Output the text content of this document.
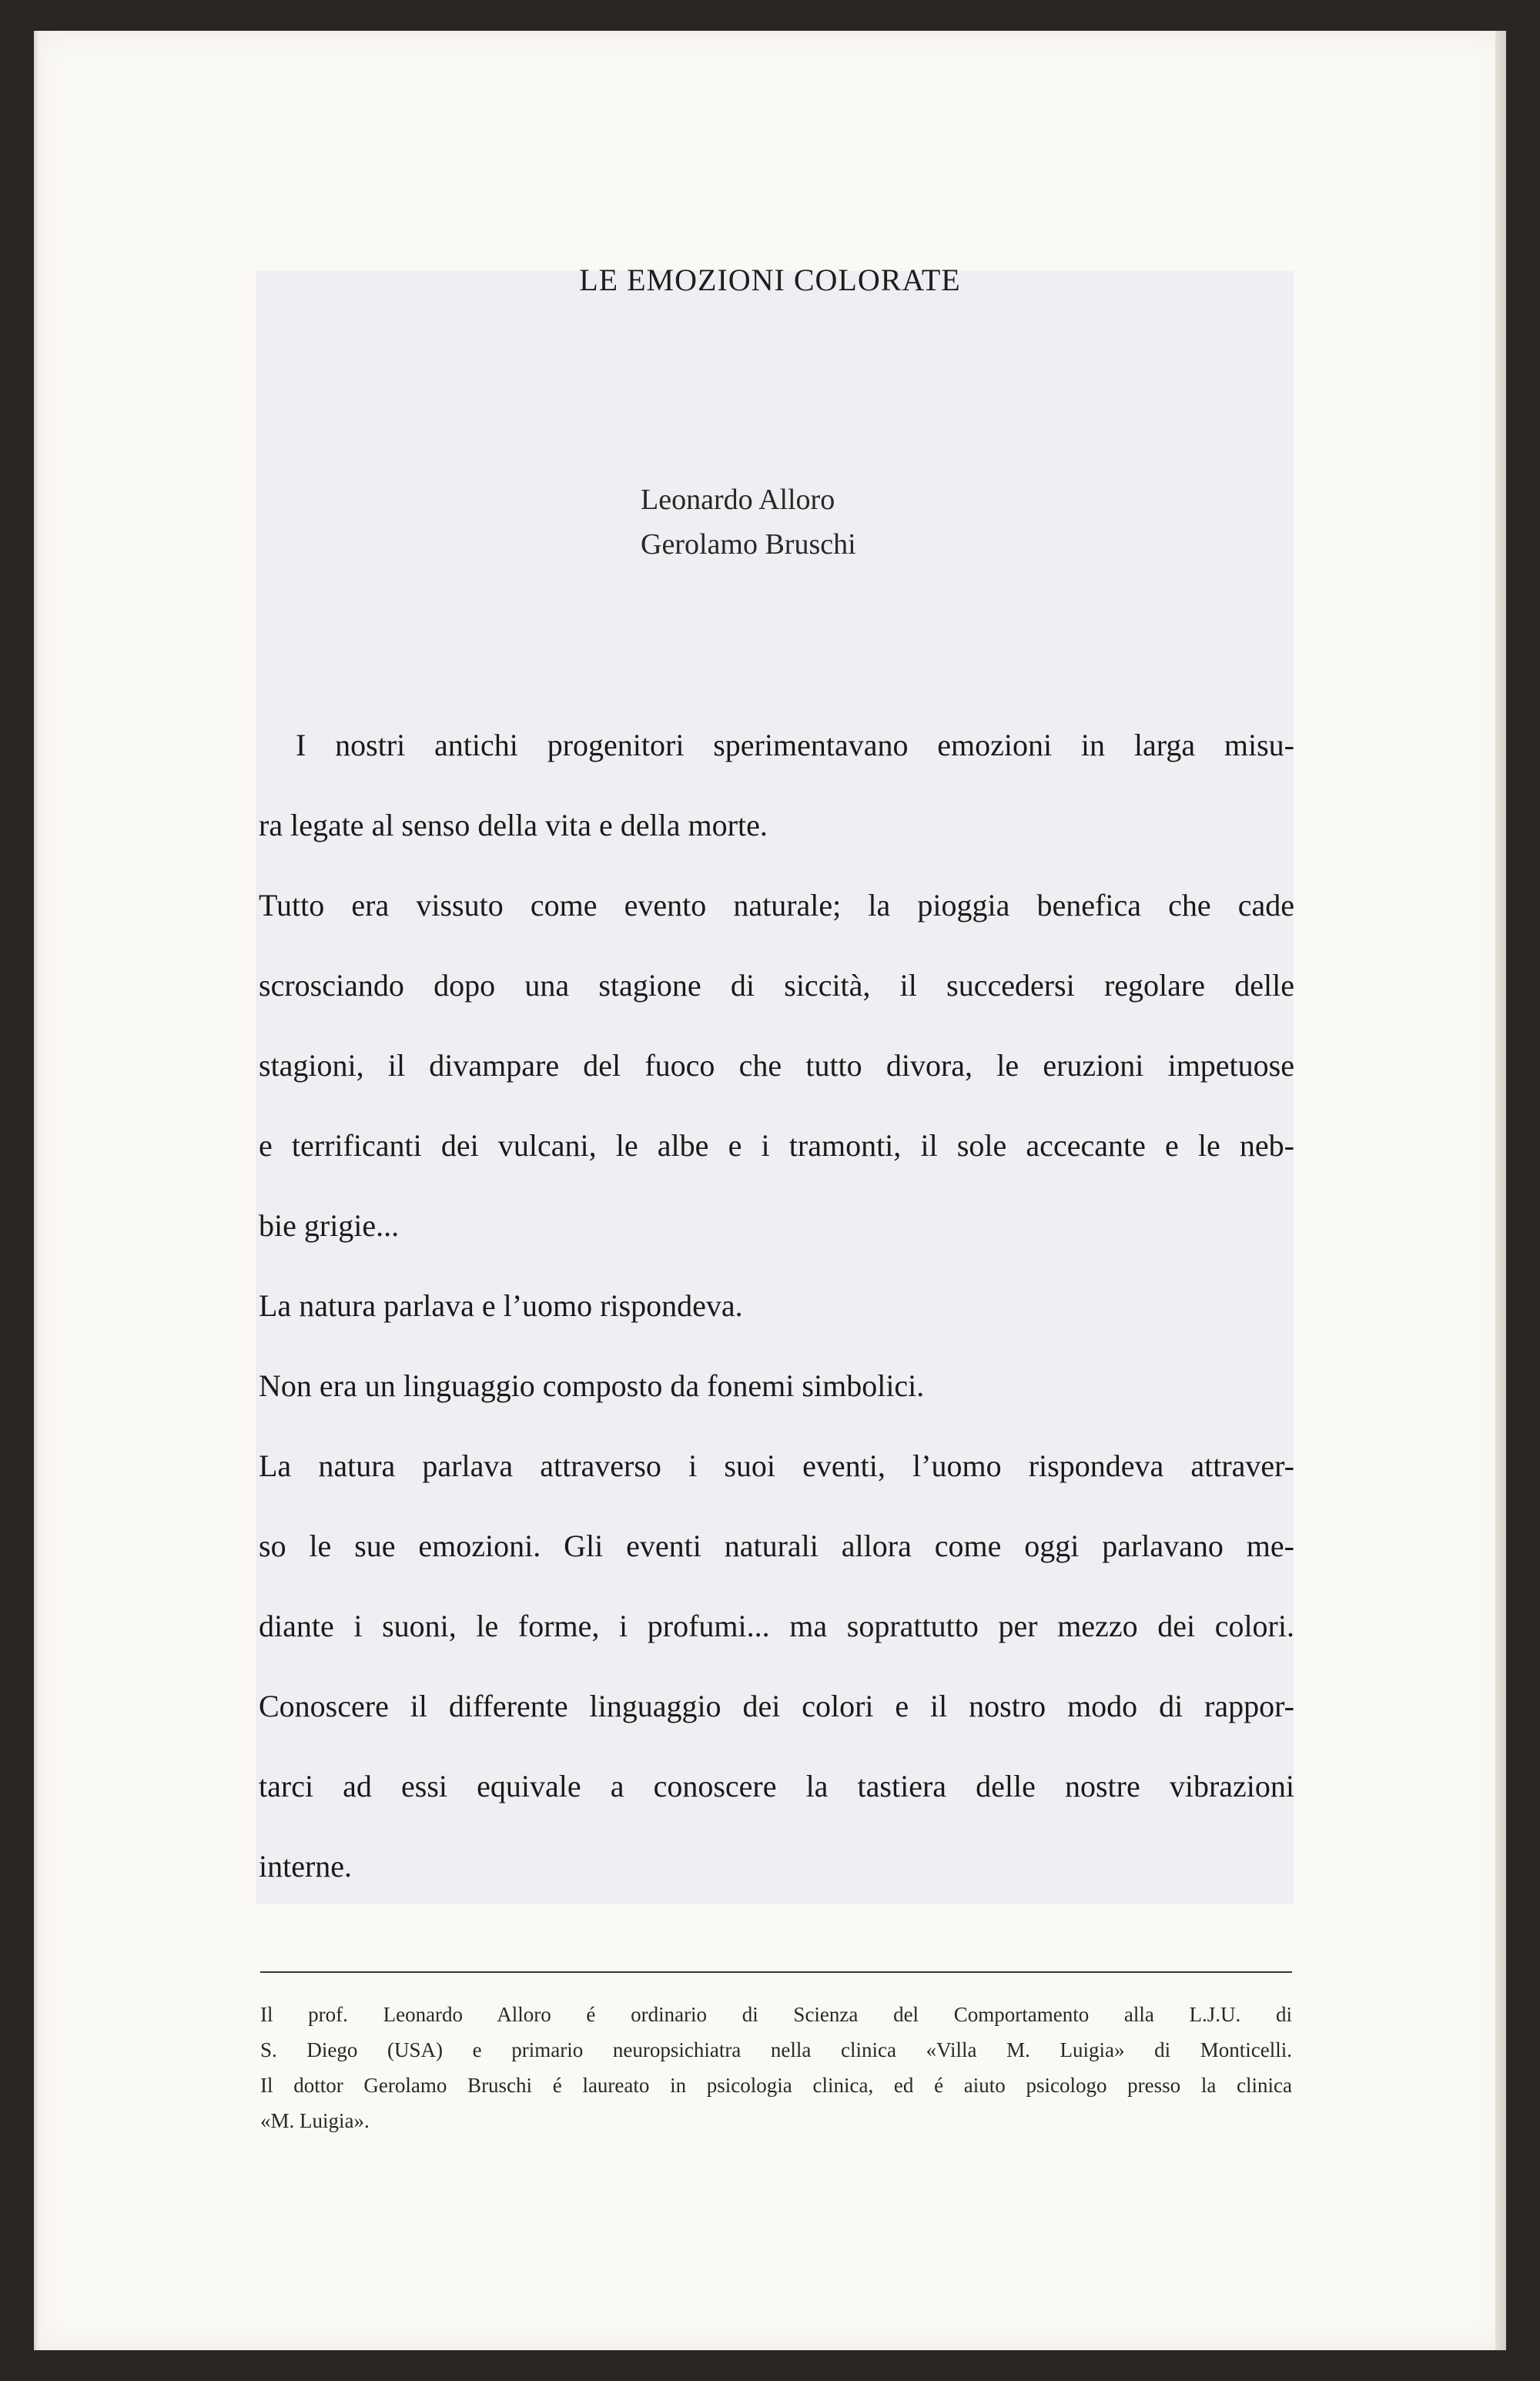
LE EMOZIONI COLORATE
Leonardo Alloro
Gerolamo Bruschi
I nostri antichi progenitori sperimentavano emozioni in larga misu-
ra legate al senso della vita e della morte.
Tutto era vissuto come evento naturale; la pioggia benefica che cade
scrosciando dopo una stagione di siccità, il succedersi regolare delle
stagioni, il divampare del fuoco che tutto divora, le eruzioni impetuose
e terrificanti dei vulcani, le albe e i tramonti, il sole accecante e le neb-
bie grigie...
La natura parlava e l’uomo rispondeva.
Non era un linguaggio composto da fonemi simbolici.
La natura parlava attraverso i suoi eventi, l’uomo rispondeva attraver-
so le sue emozioni. Gli eventi naturali allora come oggi parlavano me-
diante i suoni, le forme, i profumi... ma soprattutto per mezzo dei colori.
Conoscere il differente linguaggio dei colori e il nostro modo di rappor-
tarci ad essi equivale a conoscere la tastiera delle nostre vibrazioni
interne.
Il prof. Leonardo Alloro é ordinario di Scienza del Comportamento alla L.J.U. di
S. Diego (USA) e primario neuropsichiatra nella clinica «Villa M. Luigia» di Monticelli.
Il dottor Gerolamo Bruschi é laureato in psicologia clinica, ed é aiuto psicologo presso la clinica
«M. Luigia».
